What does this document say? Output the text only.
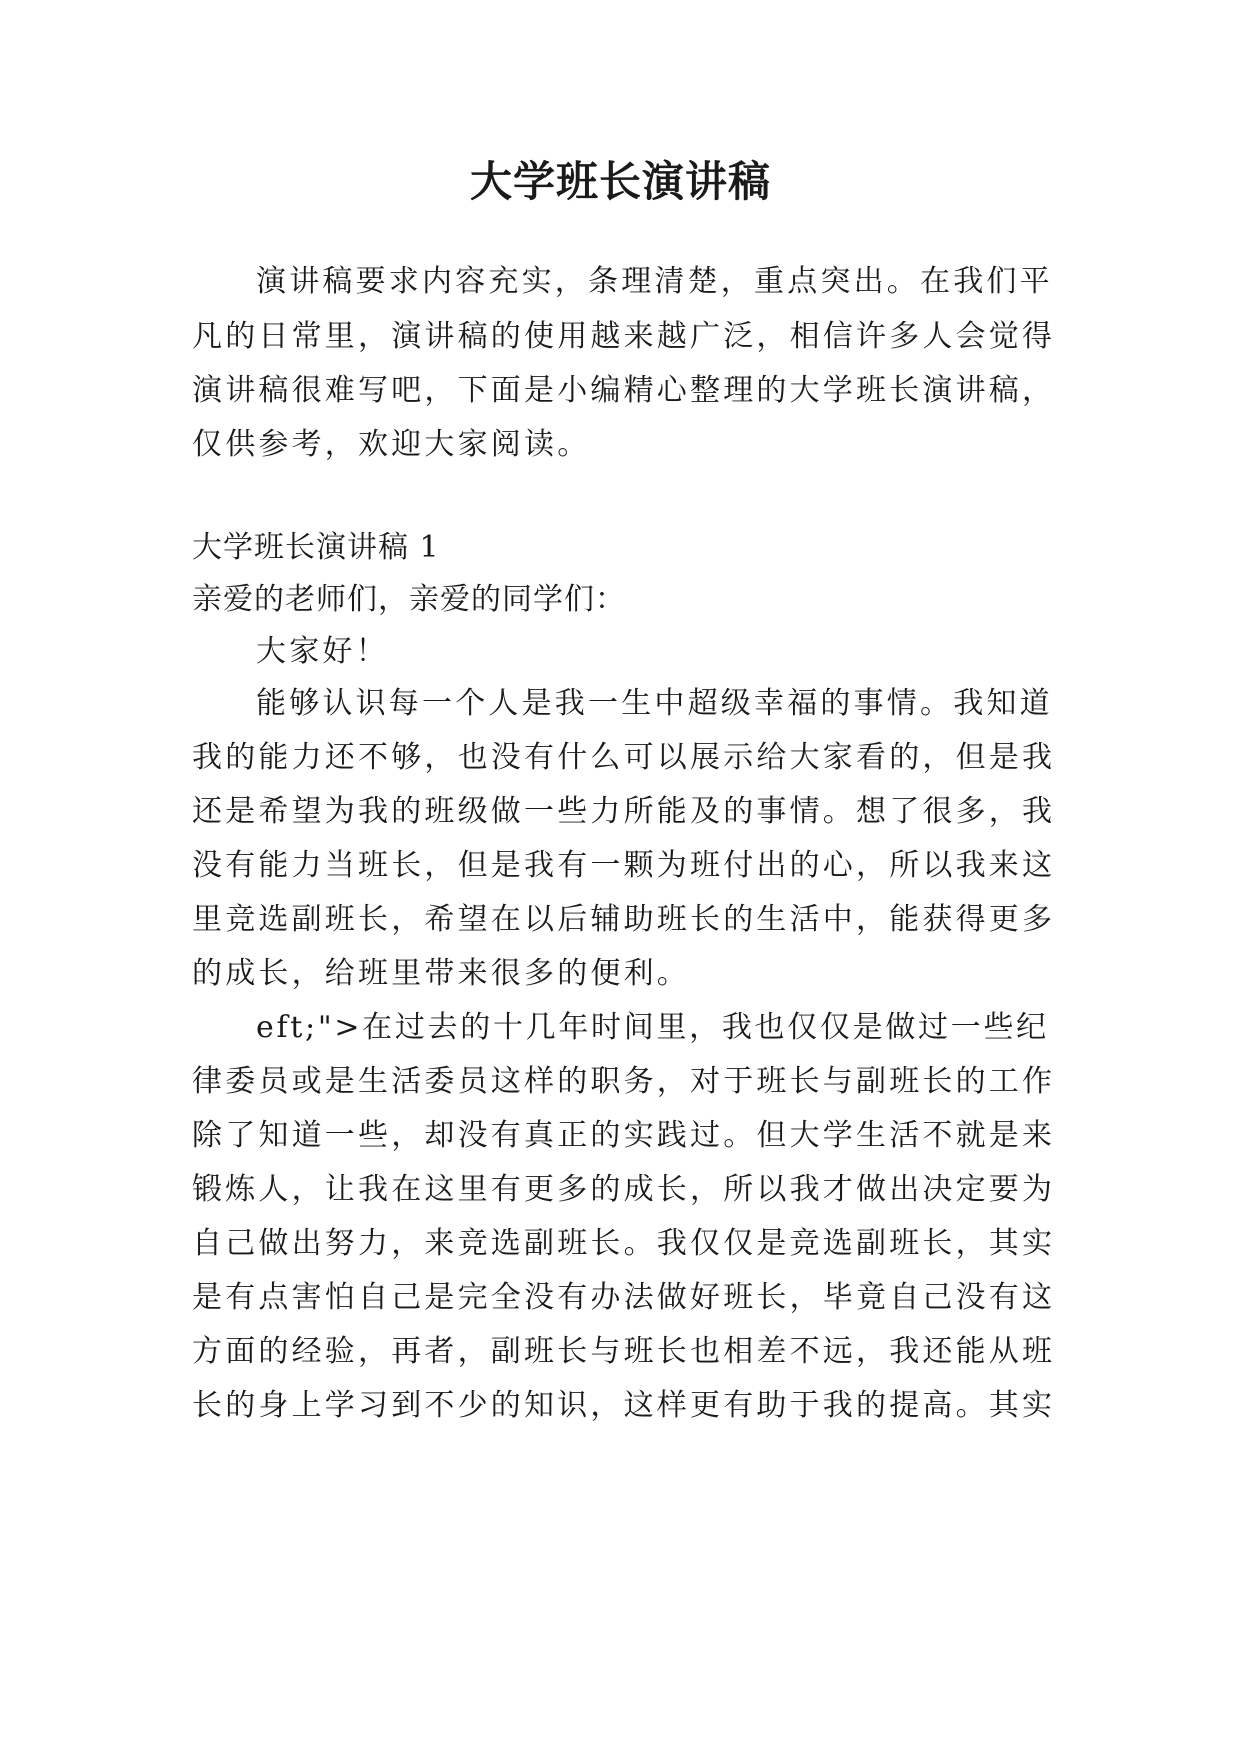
大学班长演讲稿
演讲稿要求内容充实，条理清楚，重点突出。在我们平
凡的日常里，演讲稿的使用越来越广泛，相信许多人会觉得
演讲稿很难写吧，下面是小编精心整理的大学班长演讲稿，
仅供参考，欢迎大家阅读。
大学班长演讲稿 1
亲爱的老师们，亲爱的同学们：
大家好！
能够认识每一个人是我一生中超级幸福的事情。我知道
我的能力还不够，也没有什么可以展示给大家看的，但是我
还是希望为我的班级做一些力所能及的事情。想了很多，我
没有能力当班长，但是我有一颗为班付出的心，所以我来这
里竞选副班长，希望在以后辅助班长的生活中，能获得更多
的成长，给班里带来很多的便利。
eft;">在过去的十几年时间里，我也仅仅是做过一些纪
律委员或是生活委员这样的职务，对于班长与副班长的工作
除了知道一些，却没有真正的实践过。但大学生活不就是来
锻炼人，让我在这里有更多的成长，所以我才做出决定要为
自己做出努力，来竞选副班长。我仅仅是竞选副班长，其实
是有点害怕自己是完全没有办法做好班长，毕竟自己没有这
方面的经验，再者，副班长与班长也相差不远，我还能从班
长的身上学习到不少的知识，这样更有助于我的提高。其实
